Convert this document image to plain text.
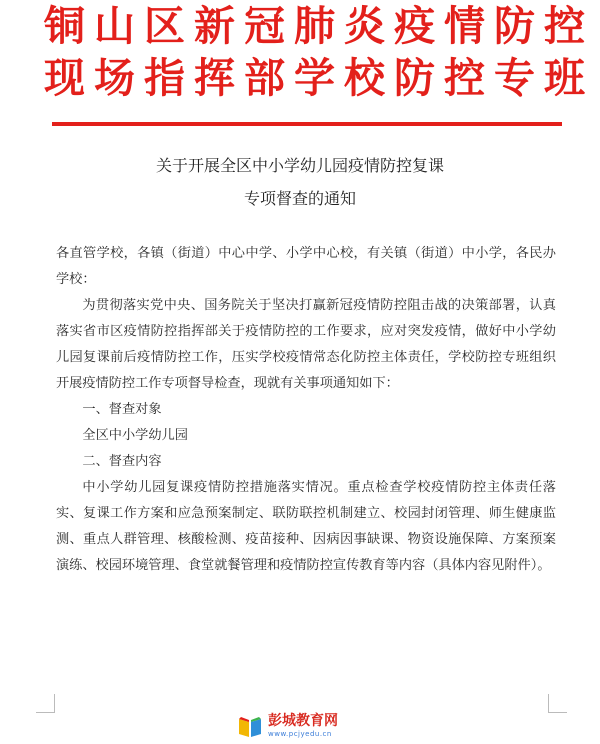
铜山区新冠肺炎疫情防控
现场指挥部学校防控专班
关于开展全区中小学幼儿园疫情防控复课
专项督查的通知

各直管学校，各镇（街道）中心中学、小学中心校，有关镇（街道）中小学，各民办学校：

为贯彻落实党中央、国务院关于坚决打赢新冠疫情防控阻击战的决策部署，认真落实省市区疫情防控指挥部关于疫情防控的工作要求，应对突发疫情，做好中小学幼儿园复课前后疫情防控工作，压实学校疫情常态化防控主体责任，学校防控专班组织开展疫情防控工作专项督导检查，现就有关事项通知如下：

一、督查对象

全区中小学幼儿园

二、督查内容

中小学幼儿园复课疫情防控措施落实情况。重点检查学校疫情防控主体责任落实、复课工作方案和应急预案制定、联防联控机制建立、校园封闭管理、师生健康监测、重点人群管理、核酸检测、疫苗接种、因病因事缺课、物资设施保障、方案预案演练、校园环境管理、食堂就餐管理和疫情防控宣传教育等内容（具体内容见附件）。

彭城教育网
www.pcjyedu.cn
